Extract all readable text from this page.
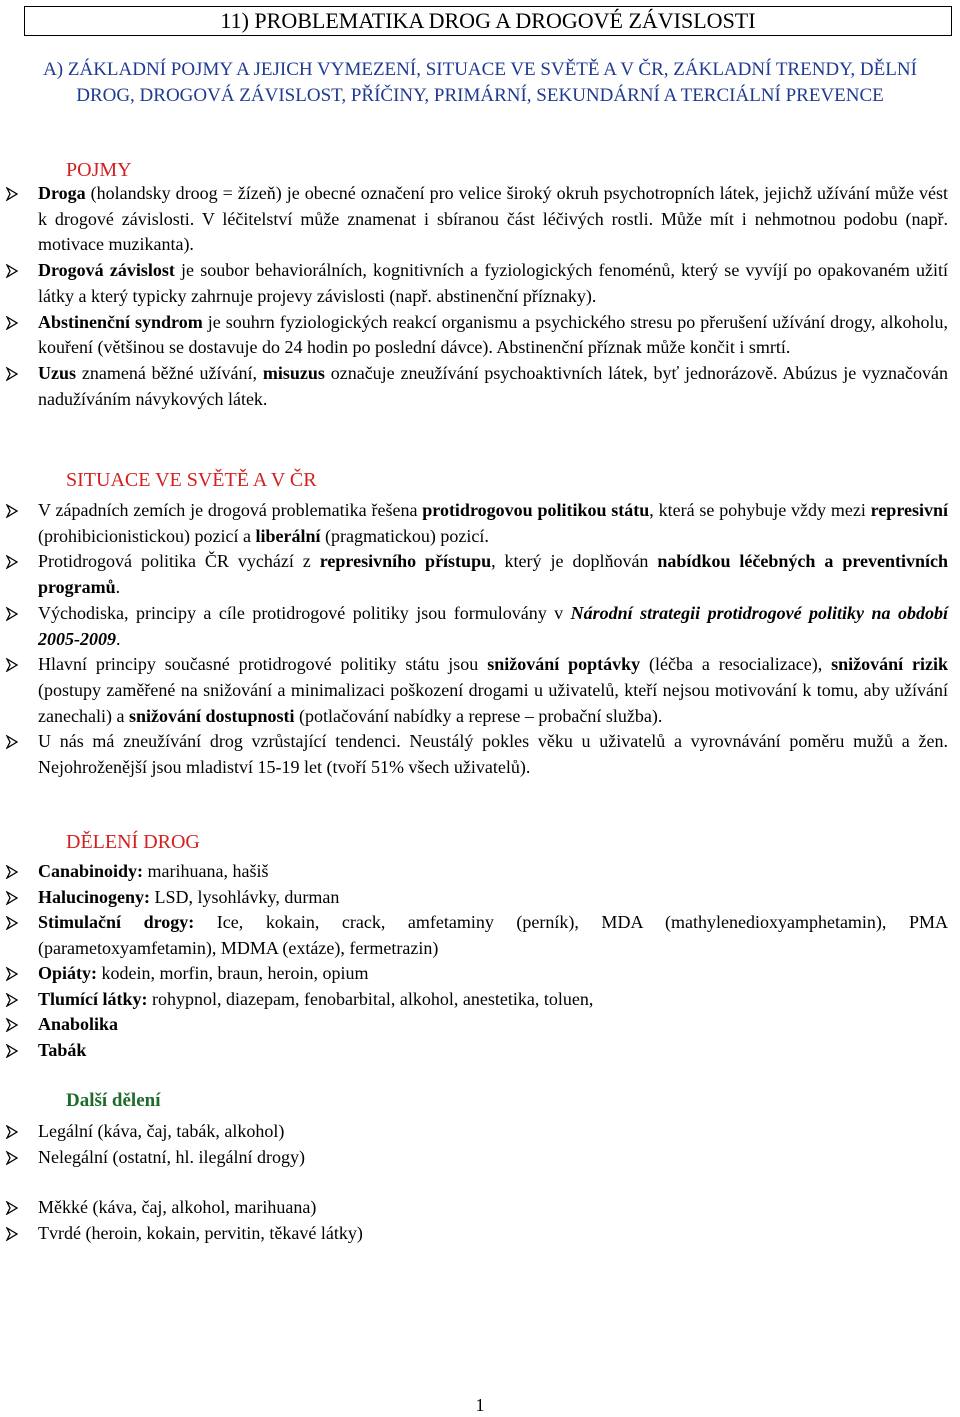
11) PROBLEMATIKA DROG A DROGOVÉ ZÁVISLOSTI
A) ZÁKLADNÍ POJMY A JEJICH VYMEZENÍ, SITUACE VE SVĚTĚ A V ČR, ZÁKLADNÍ TRENDY, DĚLNÍ DROG, DROGOVÁ ZÁVISLOST, PŘÍČINY, PRIMÁRNÍ, SEKUNDÁRNÍ A TERCIÁLNÍ PREVENCE
POJMY
Droga (holandsky droog = žízeň) je obecné označení pro velice široký okruh psychotropních látek, jejichž užívání může vést k drogové závislosti. V léčitelství může znamenat i sbíranou část léčivých rostli. Může mít i nehmotnou podobu (např. motivace muzikanta).
Drogová závislost je soubor behaviorálních, kognitivních a fyziologických fenoménů, který se vyvíjí po opakovaném užití látky a který typicky zahrnuje projevy závislosti (např. abstinenční příznaky).
Abstinenční syndrom je souhrn fyziologických reakcí organismu a psychického stresu po přerušení užívání drogy, alkoholu, kouření (většinou se dostavuje do 24 hodin po poslední dávce). Abstinenční příznak může končit i smrtí.
Uzus znamená běžné užívání, misuzus označuje zneužívání psychoaktivních látek, byť jednorázově. Abúzus je vyznačován nadužíváním návykových látek.
SITUACE VE SVĚTĚ A V ČR
V západních zemích je drogová problematika řešena protidrogovou politikou státu, která se pohybuje vždy mezi represivní (prohibicionistickou) pozicí a liberální (pragmatickou) pozicí.
Protidrogová politika ČR vychází z represivního přístupu, který je doplňován nabídkou léčebných a preventivních programů.
Východiska, principy a cíle protidrogové politiky jsou formulovány v Národní strategii protidrogové politiky na období 2005-2009.
Hlavní principy současné protidrogové politiky státu jsou snižování poptávky (léčba a resocializace), snižování rizik (postupy zaměřené na snižování a minimalizaci poškození drogami u uživatelů, kteří nejsou motivování k tomu, aby užívání zanechali) a snižování dostupnosti (potlačování nabídky a represe – probační služba).
U nás má zneužívání drog vzrůstající tendenci. Neustálý pokles věku u uživatelů a vyrovnávání poměru mužů a žen. Nejohroženější jsou mladiství 15-19 let (tvoří 51% všech uživatelů).
DĚLENÍ DROG
Canabinoidy: marihuana, hašiš
Halucinogeny: LSD, lysohlávky, durman
Stimulační drogy: Ice, kokain, crack, amfetaminy (perník), MDA (mathylenedioxyamphetamin), PMA (parametoxyamfetamin), MDMA (extáze), fermetrazin)
Opiáty: kodein, morfin, braun, heroin, opium
Tlumící látky: rohypnol, diazepam, fenobarbital, alkohol, anestetika, toluen,
Anabolika
Tabák
Další dělení
Legální (káva, čaj, tabák, alkohol)
Nelegální (ostatní, hl. ilegální drogy)
Měkké (káva, čaj, alkohol, marihuana)
Tvrdé (heroin, kokain, pervitin, těkavé látky)
1
